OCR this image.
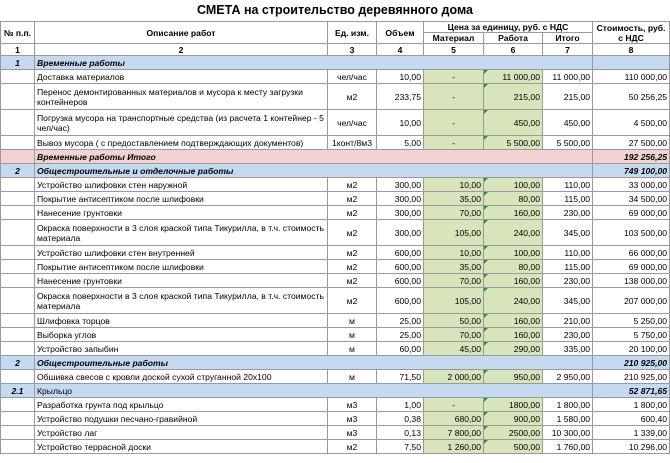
СМЕТА на строительство деревянного дома
№ п.п.	Описание работ	Ед. изм.	Объем	Цена за единицу, руб. с НДС			Стоимость, руб. с НДС
				Материал	Работа	Итого	
1	2	3	4	5	6	7	8
1	Временные работы						
	Доставка материалов	чел/час	10,00	-	11 000,00	11 000,00	110 000,00
	Перенос демонтированных материалов и мусора к месту загрузки контейнеров	м2	233,75	-	215,00	215,00	50 256,25
	Погрузка мусора на транспортные средства (из расчета 1 контейнер - 5 чел/час)	чел/час	10,00	-	450,00	450,00	4 500,00
	Вывоз мусора ( с предоставлением подтверждающих документов)	1конт/8м3	5,00	-	5 500,00	5 500,00	27 500,00
	Временные работы Итого						192 256,25
2	Общестроительные и отделочные работы						749 100,00
	Устройство шлифовки стен наружной	м2	300,00	10,00	100,00	110,00	33 000,00
	Покрытие антисептиком после шлифовки	м2	300,00	35,00	80,00	115,00	34 500,00
	Нанесение грунтовки	м2	300,00	70,00	160,00	230,00	69 000,00
	Окраска поверхности в 3 слоя краской типа Тикурилла, в т.ч. стоимость материала	м2	300,00	105,00	240,00	345,00	103 500,00
	Устройство шлифовки стен внутренней	м2	600,00	10,00	100,00	110,00	66 000,00
	Покрытие антисептиком после шлифовки	м2	600,00	35,00	80,00	115,00	69 000,00
	Нанесение грунтовки	м2	600,00	70,00	160,00	230,00	138 000,00
	Окраска поверхности в 3 слоя краской типа Тикурилла, в т.ч. стоимость материала	м2	600,00	105,00	240,00	345,00	207 000,00
	Шлифовка торцов	м	25,00	50,00	160,00	210,00	5 250,00
	Выборка углов	м	25,00	70,00	160,00	230,00	5 750,00
	Устройство запыбин	м	60,00	45,00	290,00	335,00	20 100,00
2	Общестроительные работы						210 925,00
	Обшивка свесов с кровли доской сухой струганной 20х100	м	71,50	2 000,00	950,00	2 950,00	210 925,00
2.1	Крыльцо						52 871,65
	Разработка грунта под крыльцо	м3	1,00	-	1800,00	1 800,00	1 800,00
	Устройство подушки песчано-гравийной	м3	0,38	680,00	900,00	1 580,00	600,40
	Устройство лаг	м3	0,13	7 800,00	2500,00	10 300,00	1 339,00
	Устройство террасной доски	м2	7,50	1 260,00	500,00	1 760,00	10 296,00
